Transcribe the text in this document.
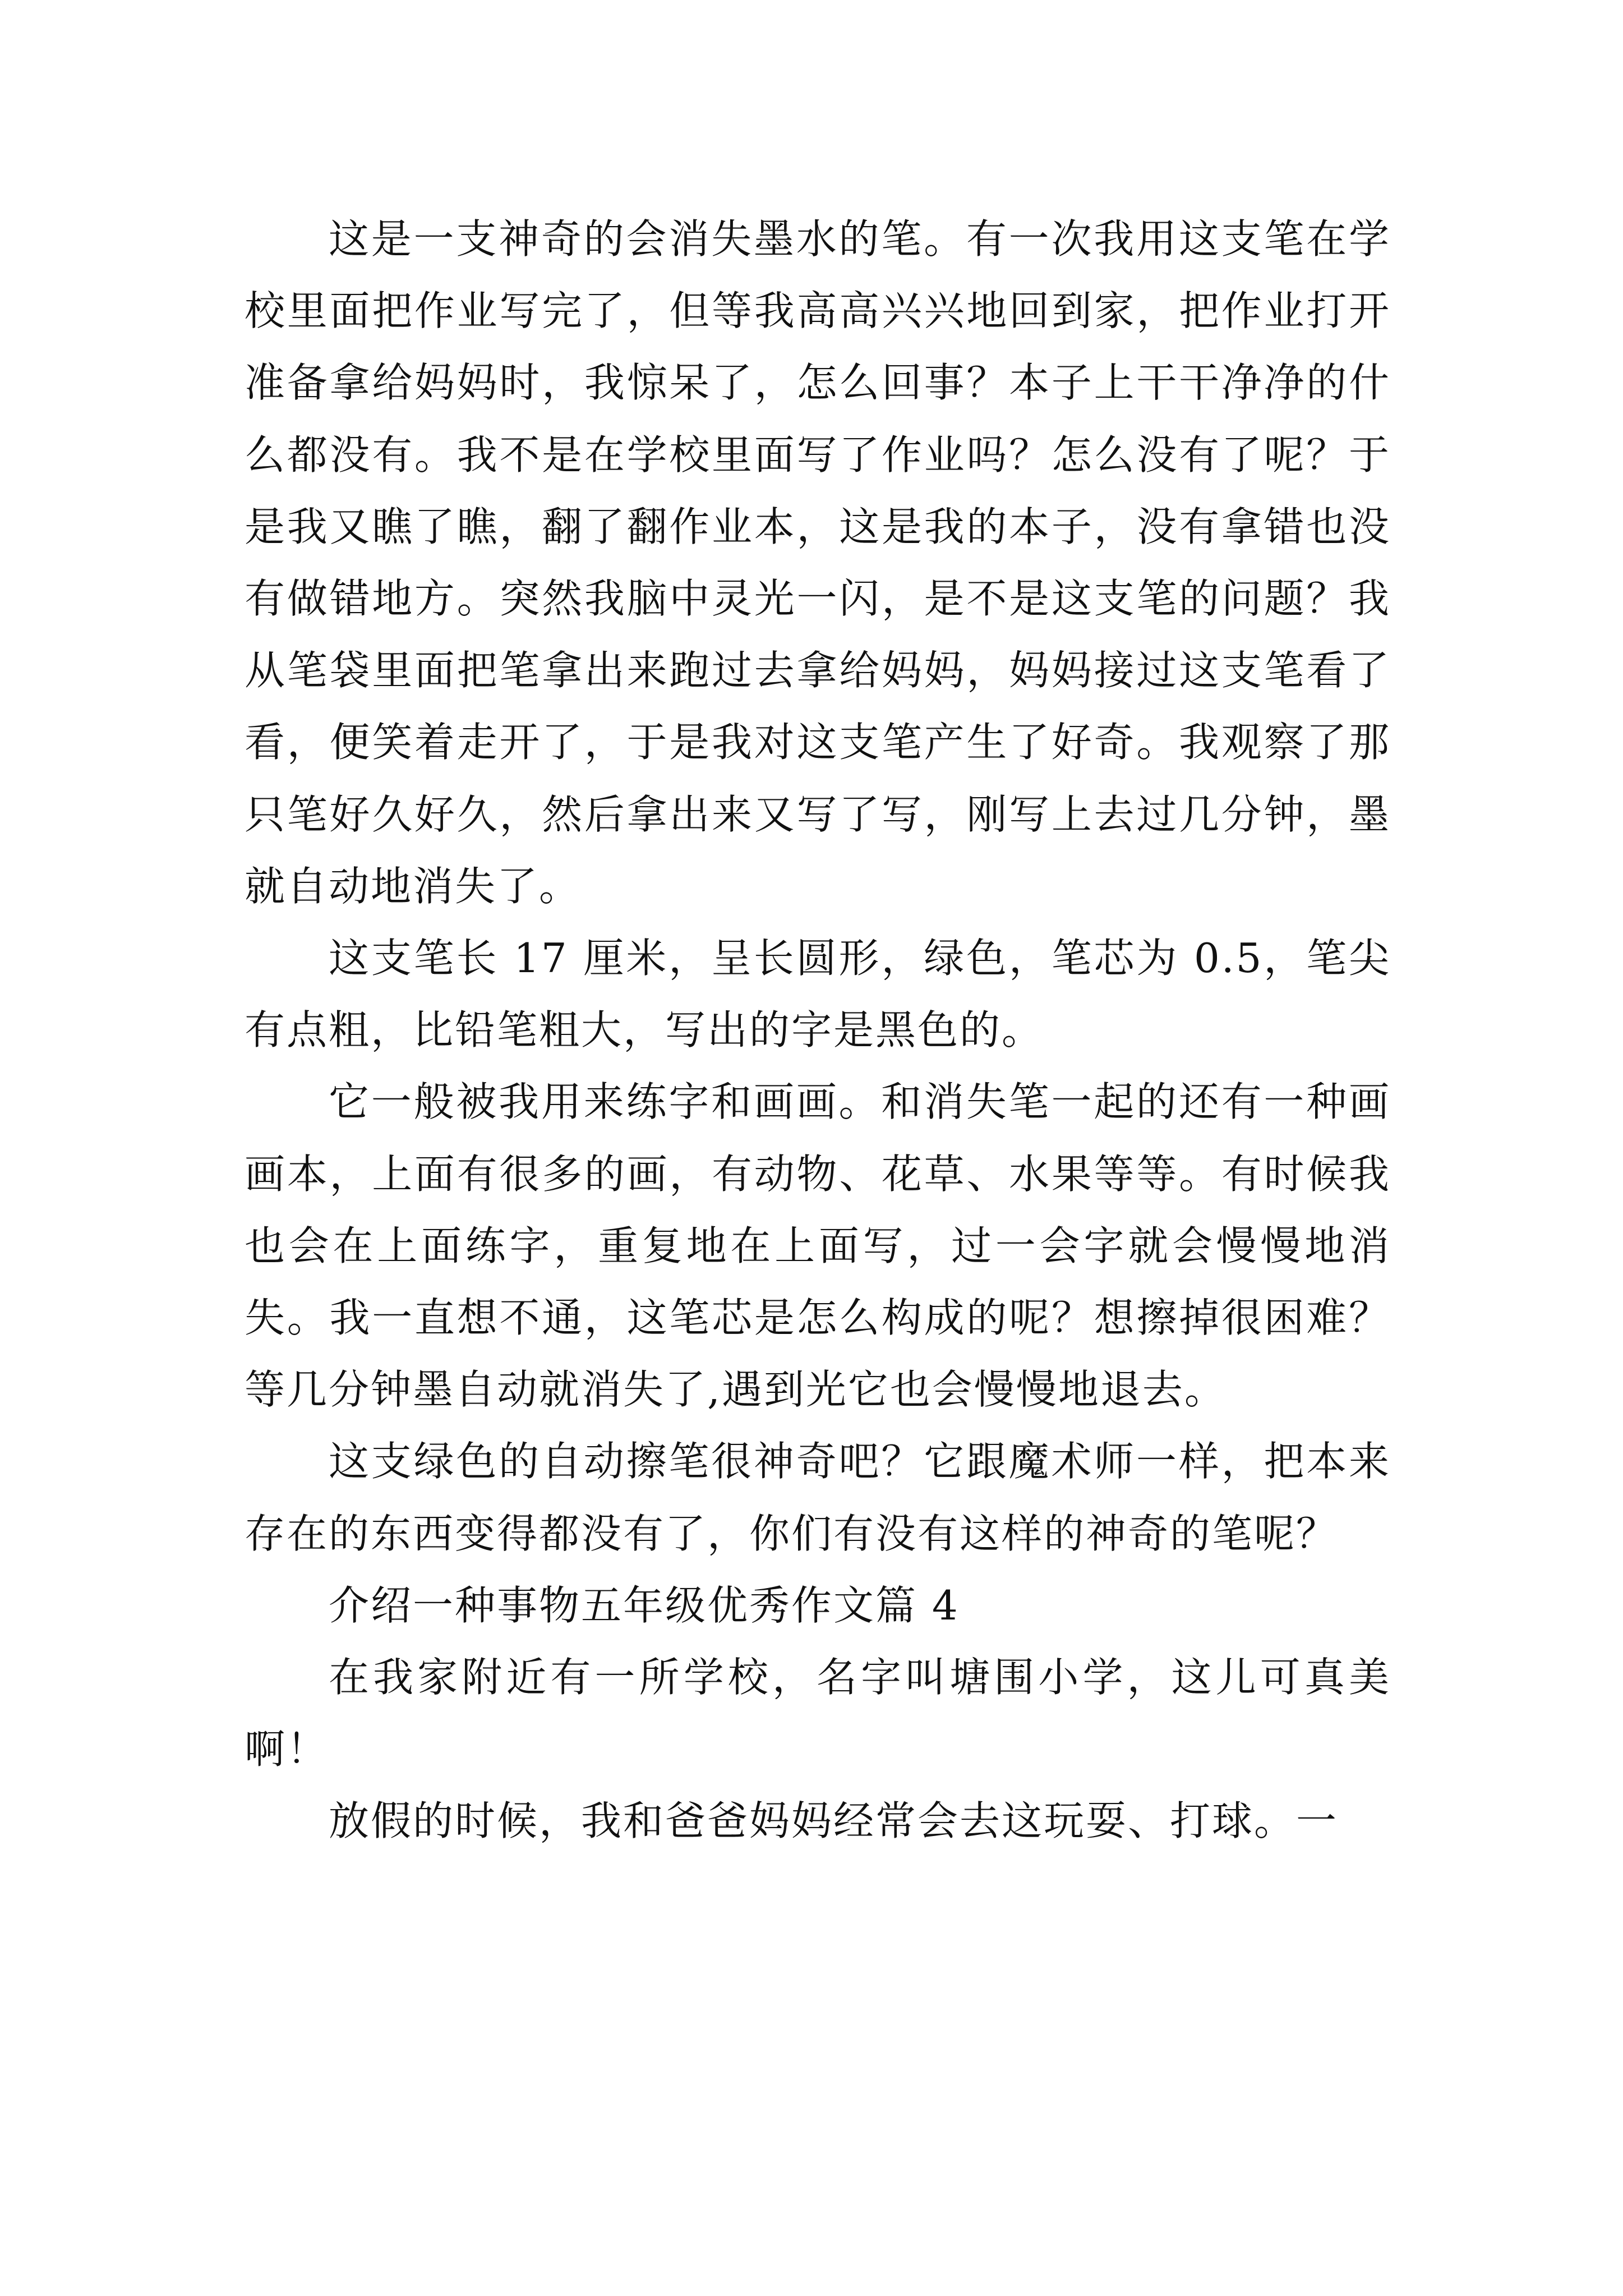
这是一支神奇的会消失墨水的笔。有一次我用这支笔在学校里面把作业写完了，但等我高高兴兴地回到家，把作业打开准备拿给妈妈时，我惊呆了，怎么回事？本子上干干净净的什么都没有。我不是在学校里面写了作业吗？怎么没有了呢？于是我又瞧了瞧，翻了翻作业本，这是我的本子，没有拿错也没有做错地方。突然我脑中灵光一闪，是不是这支笔的问题？我从笔袋里面把笔拿出来跑过去拿给妈妈，妈妈接过这支笔看了看，便笑着走开了，于是我对这支笔产生了好奇。我观察了那只笔好久好久，然后拿出来又写了写，刚写上去过几分钟，墨就自动地消失了。

这支笔长 17 厘米，呈长圆形，绿色，笔芯为 0.5，笔尖有点粗，比铅笔粗大，写出的字是黑色的。

它一般被我用来练字和画画。和消失笔一起的还有一种画画本，上面有很多的画，有动物、花草、水果等等。有时候我也会在上面练字，重复地在上面写，过一会字就会慢慢地消失。我一直想不通，这笔芯是怎么构成的呢？想擦掉很困难？等几分钟墨自动就消失了,遇到光它也会慢慢地退去。

这支绿色的自动擦笔很神奇吧？它跟魔术师一样，把本来存在的东西变得都没有了，你们有没有这样的神奇的笔呢？

介绍一种事物五年级优秀作文篇 4

在我家附近有一所学校，名字叫塘围小学，这儿可真美啊！

放假的时候，我和爸爸妈妈经常会去这玩耍、打球。一
